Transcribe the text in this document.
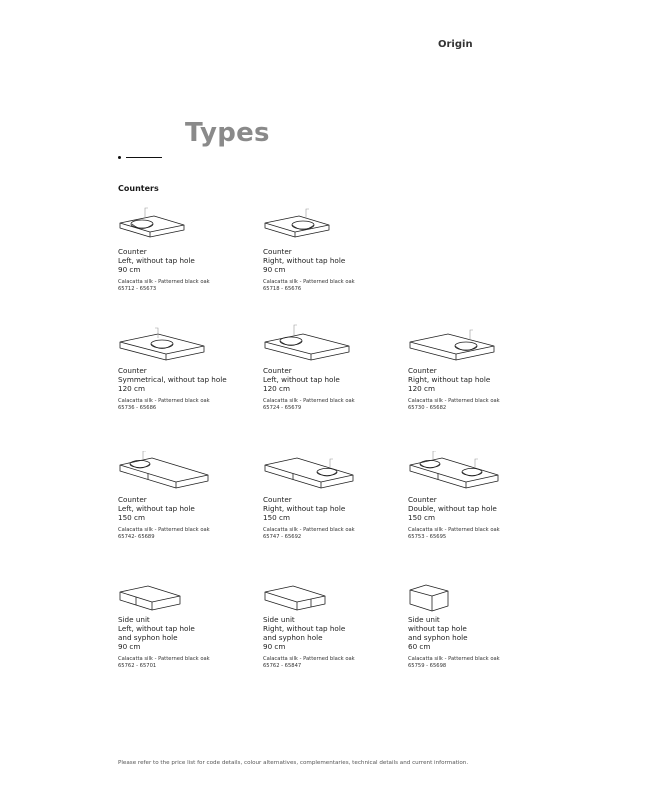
Origin
Types
Counters
Counter
Left, without tap hole
90 cm
Calacatta silk - Patterned black oak
65712 - 65673
Counter
Right, without tap hole
90 cm
Calacatta silk - Patterned black oak
65718 - 65676
Counter
Symmetrical, without tap hole
120 cm
Calacatta silk - Patterned black oak
65736 - 65686
Counter
Left, without tap hole
120 cm
Calacatta silk - Patterned black oak
65724 - 65679
Counter
Right, without tap hole
120 cm
Calacatta silk - Patterned black oak
65730 - 65682
Counter
Left, without tap hole
150 cm
Calacatta silk - Patterned black oak
65742- 65689
Counter
Right, without tap hole
150 cm
Calacatta silk - Patterned black oak
65747 - 65692
Counter
Double, without tap hole
150 cm
Calacatta silk - Patterned black oak
65753 - 65695
Side unit
Left, without tap hole
and syphon hole
90 cm
Calacatta silk - Patterned black oak
65762 - 65701
Side unit
Right, without tap hole
and syphon hole
90 cm
Calacatta silk - Patterned black oak
65762 - 65847
Side unit
without tap hole
and syphon hole
60 cm
Calacatta silk - Patterned black oak
65759 - 65698
Please refer to the price list for code details, colour alternatives, complementaries, technical details and current information.
